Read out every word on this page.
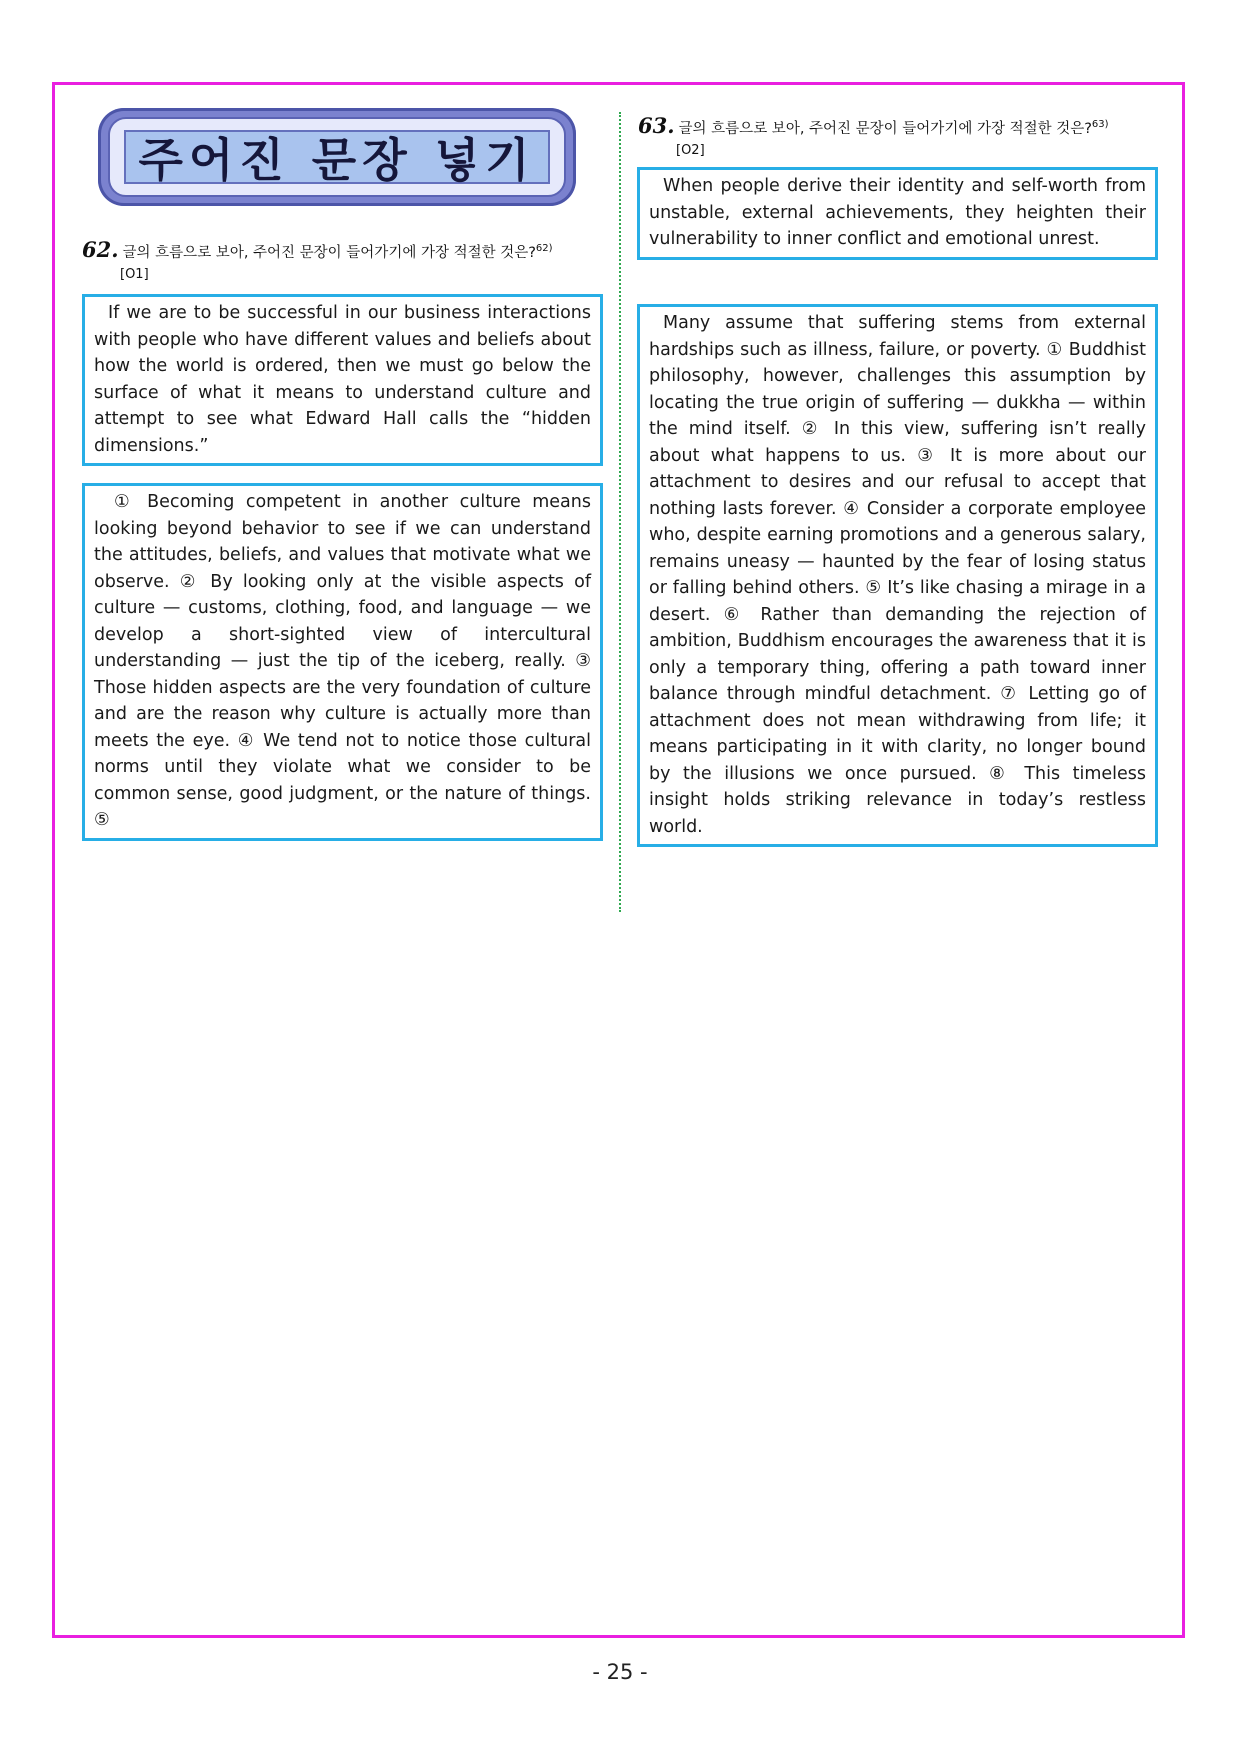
주어진 문장 넣기
62. 글의 흐름으로 보아, 주어진 문장이 들어가기에 가장 적절한 것은?$^{62)}$
[O1]
If we are to be successful in our business interactions with people who have different values and beliefs about how the world is ordered, then we must go below the surface of what it means to understand culture and attempt to see what Edward Hall calls the “hidden dimensions.”
① Becoming competent in another culture means looking beyond behavior to see if we can understand the attitudes, beliefs, and values that motivate what we observe. ② By looking only at the visible aspects of culture — customs, clothing, food, and language — we develop a short-sighted view of intercultural understanding — just the tip of the iceberg, really. ③ Those hidden aspects are the very foundation of culture and are the reason why culture is actually more than meets the eye. ④ We tend not to notice those cultural norms until they violate what we consider to be common sense, good judgment, or the nature of things. ⑤
63. 글의 흐름으로 보아, 주어진 문장이 들어가기에 가장 적절한 것은?$^{63)}$
[O2]
When people derive their identity and self-worth from unstable, external achievements, they heighten their vulnerability to inner conflict and emotional unrest.
Many assume that suffering stems from external hardships such as illness, failure, or poverty. ① Buddhist philosophy, however, challenges this assumption by locating the true origin of suffering — dukkha — within the mind itself. ② In this view, suffering isn’t really about what happens to us. ③ It is more about our attachment to desires and our refusal to accept that nothing lasts forever. ④ Consider a corporate employee who, despite earning promotions and a generous salary, remains uneasy — haunted by the fear of losing status or falling behind others. ⑤ It’s like chasing a mirage in a desert. ⑥ Rather than demanding the rejection of ambition, Buddhism encourages the awareness that it is only a temporary thing, offering a path toward inner balance through mindful detachment. ⑦ Letting go of attachment does not mean withdrawing from life; it means participating in it with clarity, no longer bound by the illusions we once pursued. ⑧ This timeless insight holds striking relevance in today’s restless world.
- 25 -
